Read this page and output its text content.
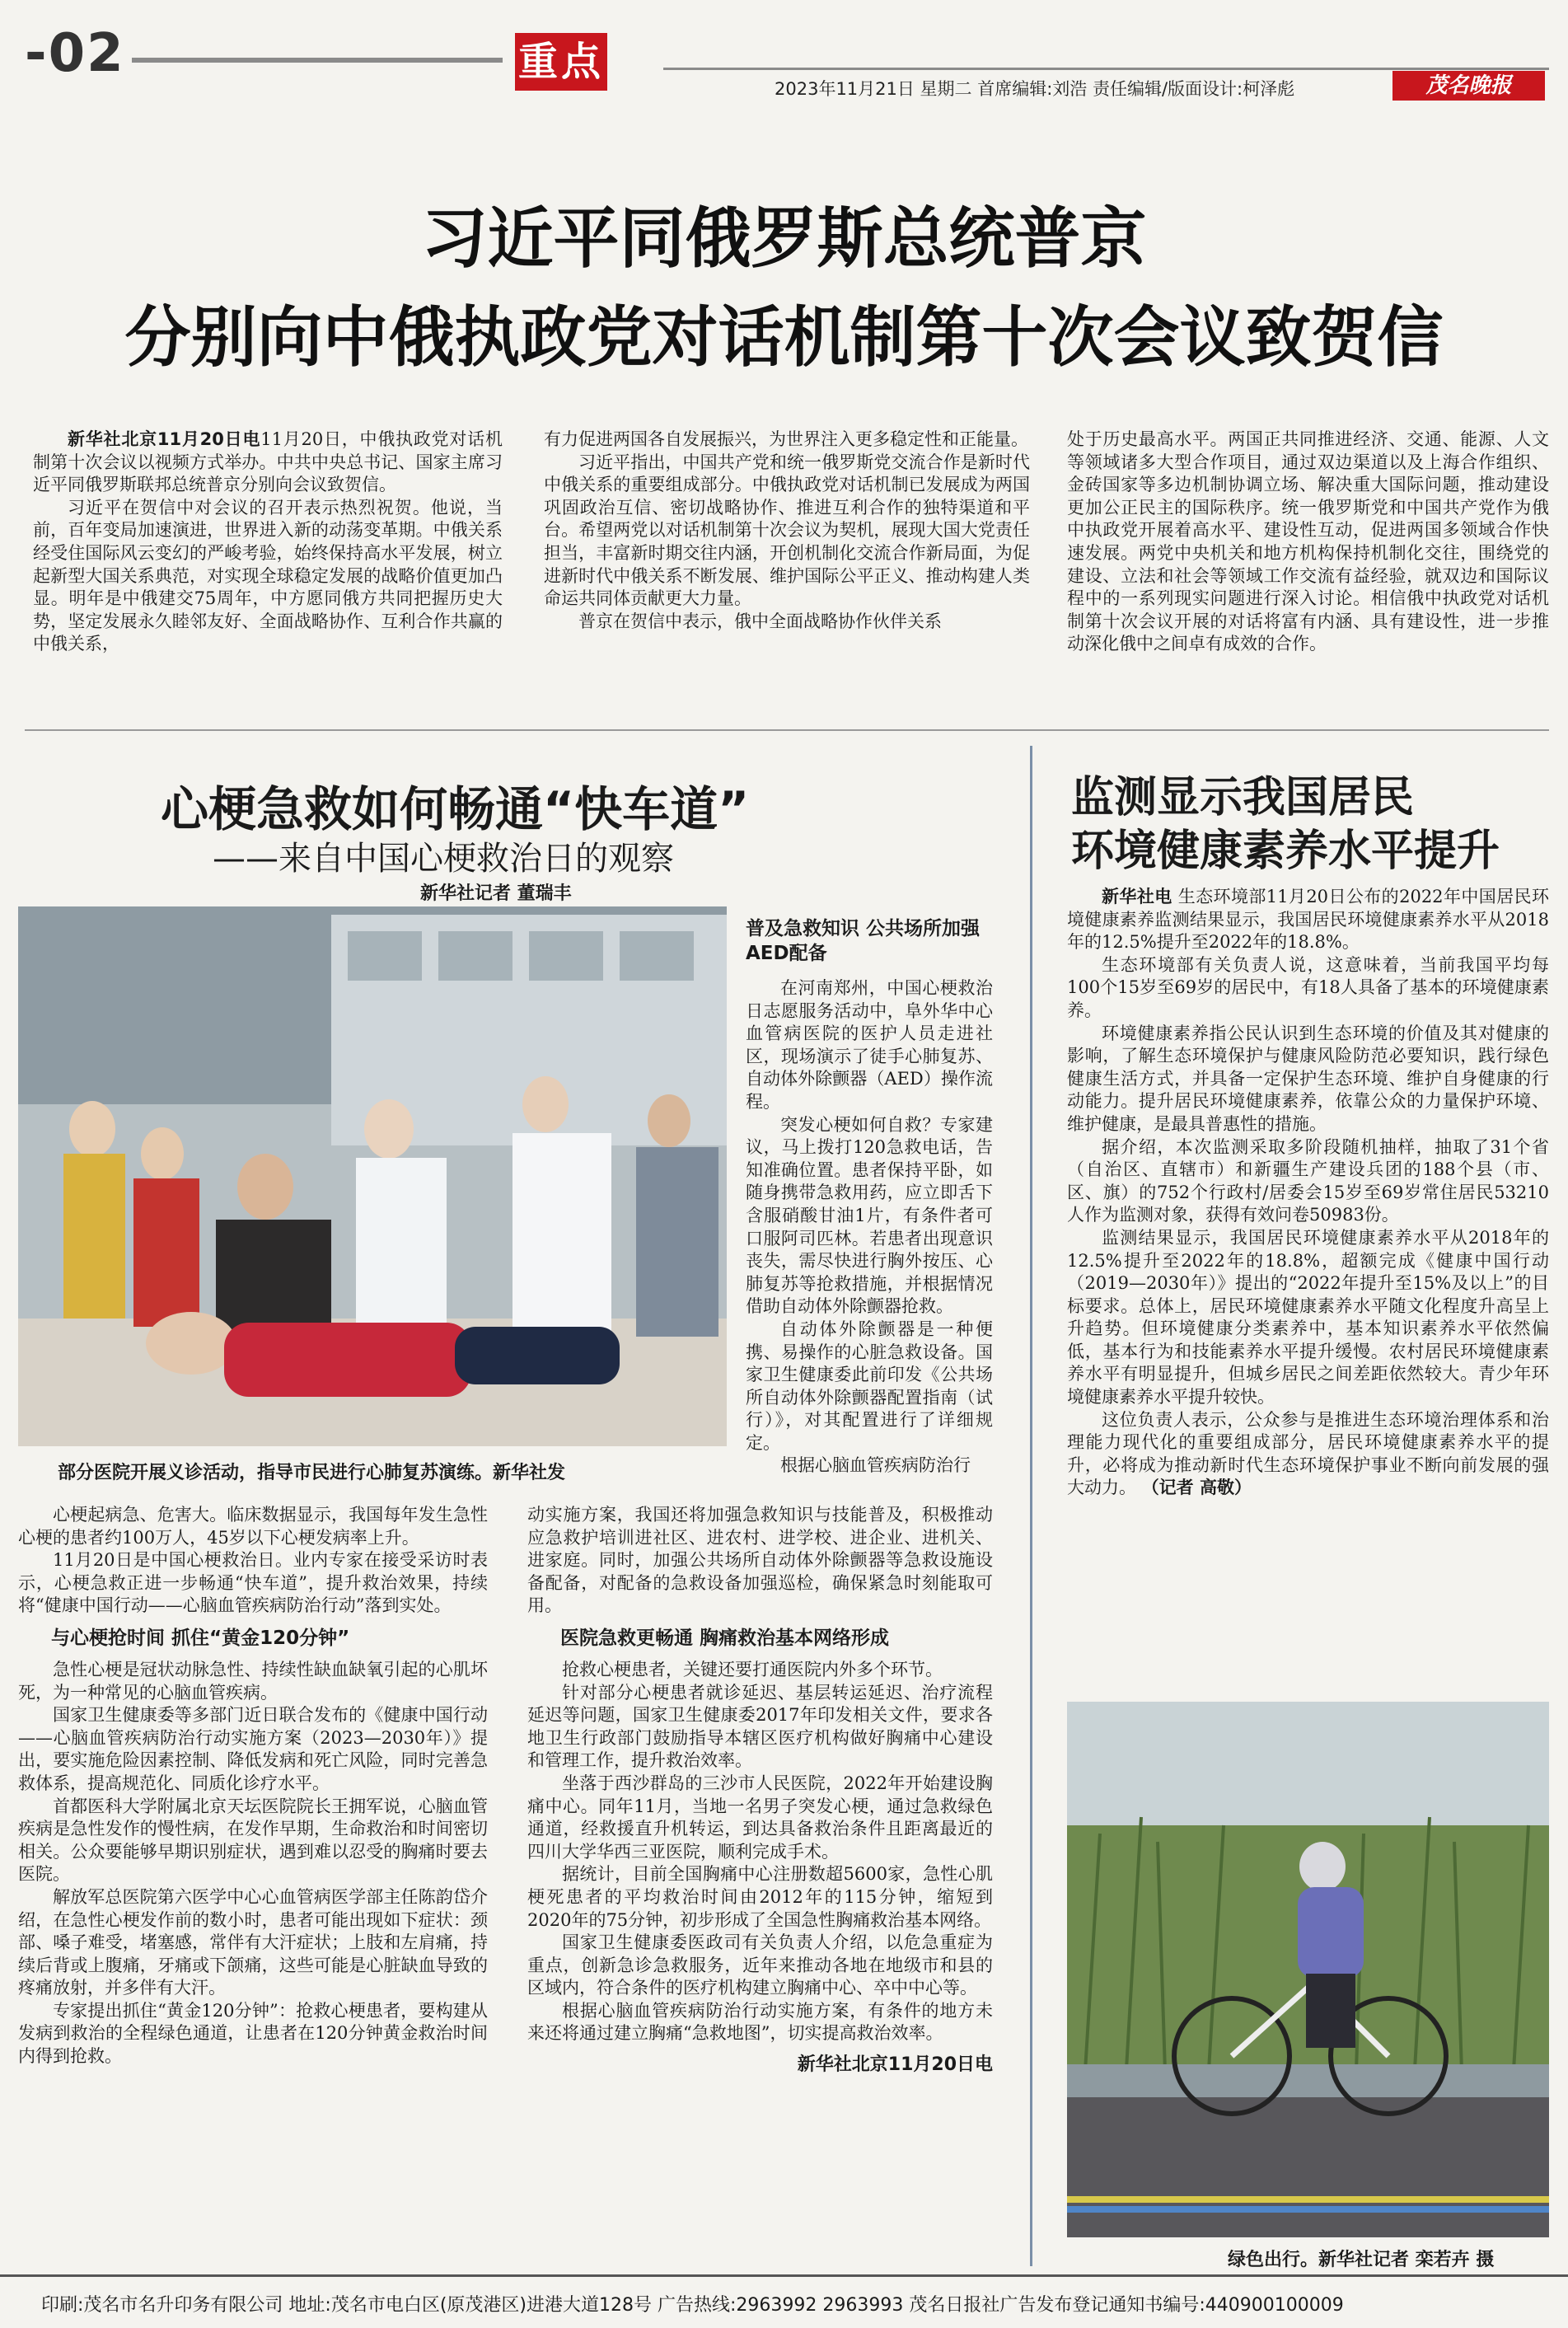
-02	重点
2023年11月21日 星期二 首席编辑:刘浩 责任编辑/版面设计:柯泽彪	茂名晚报
习近平同俄罗斯总统普京
分别向中俄执政党对话机制第十次会议致贺信

新华社北京11月20日电11月20日，中俄执政党对话机制第十次会议以视频方式举办。中共中央总书记、国家主席习近平同俄罗斯联邦总统普京分别向会议致贺信。

习近平在贺信中对会议的召开表示热烈祝贺。他说，当前，百年变局加速演进，世界进入新的动荡变革期。中俄关系经受住国际风云变幻的严峻考验，始终保持高水平发展，树立起新型大国关系典范，对实现全球稳定发展的战略价值更加凸显。明年是中俄建交75周年，中方愿同俄方共同把握历史大势，坚定发展永久睦邻友好、全面战略协作、互利合作共赢的中俄关系，

有力促进两国各自发展振兴，为世界注入更多稳定性和正能量。

习近平指出，中国共产党和统一俄罗斯党交流合作是新时代中俄关系的重要组成部分。中俄执政党对话机制已发展成为两国巩固政治互信、密切战略协作、推进互利合作的独特渠道和平台。希望两党以对话机制第十次会议为契机，展现大国大党责任担当，丰富新时期交往内涵，开创机制化交流合作新局面，为促进新时代中俄关系不断发展、维护国际公平正义、推动构建人类命运共同体贡献更大力量。

普京在贺信中表示，俄中全面战略协作伙伴关系

处于历史最高水平。两国正共同推进经济、交通、能源、人文等领域诸多大型合作项目，通过双边渠道以及上海合作组织、金砖国家等多边机制协调立场、解决重大国际问题，推动建设更加公正民主的国际秩序。统一俄罗斯党和中国共产党作为俄中执政党开展着高水平、建设性互动，促进两国多领域合作快速发展。两党中央机关和地方机构保持机制化交往，围绕党的建设、立法和社会等领域工作交流有益经验，就双边和国际议程中的一系列现实问题进行深入讨论。相信俄中执政党对话机制第十次会议开展的对话将富有内涵、具有建设性，进一步推动深化俄中之间卓有成效的合作。

心梗急救如何畅通“快车道”
——来自中国心梗救治日的观察
新华社记者 董瑞丰
部分医院开展义诊活动，指导市民进行心肺复苏演练。新华社发
普及急救知识 公共场所加强AED配备

在河南郑州，中国心梗救治日志愿服务活动中，阜外华中心血管病医院的医护人员走进社区，现场演示了徒手心肺复苏、自动体外除颤器（AED）操作流程。

突发心梗如何自救？专家建议，马上拨打120急救电话，告知准确位置。患者保持平卧，如随身携带急救用药，应立即舌下含服硝酸甘油1片，有条件者可口服阿司匹林。若患者出现意识丧失，需尽快进行胸外按压、心肺复苏等抢救措施，并根据情况借助自动体外除颤器抢救。

自动体外除颤器是一种便携、易操作的心脏急救设备。国家卫生健康委此前印发《公共场所自动体外除颤器配置指南（试行）》，对其配置进行了详细规定。

根据心脑血管疾病防治行

心梗起病急、危害大。临床数据显示，我国每年发生急性心梗的患者约100万人，45岁以下心梗发病率上升。

11月20日是中国心梗救治日。业内专家在接受采访时表示，心梗急救正进一步畅通“快车道”，提升救治效果，持续将“健康中国行动——心脑血管疾病防治行动”落到实处。

与心梗抢时间 抓住“黄金120分钟”

急性心梗是冠状动脉急性、持续性缺血缺氧引起的心肌坏死，为一种常见的心脑血管疾病。

国家卫生健康委等多部门近日联合发布的《健康中国行动——心脑血管疾病防治行动实施方案（2023—2030年）》提出，要实施危险因素控制、降低发病和死亡风险，同时完善急救体系，提高规范化、同质化诊疗水平。

首都医科大学附属北京天坛医院院长王拥军说，心脑血管疾病是急性发作的慢性病，在发作早期，生命救治和时间密切相关。公众要能够早期识别症状，遇到难以忍受的胸痛时要去医院。

解放军总医院第六医学中心心血管病医学部主任陈韵岱介绍，在急性心梗发作前的数小时，患者可能出现如下症状：颈部、嗓子难受，堵塞感，常伴有大汗症状；上肢和左肩痛，持续后背或上腹痛，牙痛或下颌痛，这些可能是心脏缺血导致的疼痛放射，并多伴有大汗。

专家提出抓住“黄金120分钟”：抢救心梗患者，要构建从发病到救治的全程绿色通道，让患者在120分钟黄金救治时间内得到抢救。

动实施方案，我国还将加强急救知识与技能普及，积极推动应急救护培训进社区、进农村、进学校、进企业、进机关、进家庭。同时，加强公共场所自动体外除颤器等急救设施设备配备，对配备的急救设备加强巡检，确保紧急时刻能取可用。

医院急救更畅通 胸痛救治基本网络形成

抢救心梗患者，关键还要打通医院内外多个环节。

针对部分心梗患者就诊延迟、基层转运延迟、治疗流程延迟等问题，国家卫生健康委2017年印发相关文件，要求各地卫生行政部门鼓励指导本辖区医疗机构做好胸痛中心建设和管理工作，提升救治效率。

坐落于西沙群岛的三沙市人民医院，2022年开始建设胸痛中心。同年11月，当地一名男子突发心梗，通过急救绿色通道，经救援直升机转运，到达具备救治条件且距离最近的四川大学华西三亚医院，顺利完成手术。

据统计，目前全国胸痛中心注册数超5600家，急性心肌梗死患者的平均救治时间由2012年的115分钟，缩短到2020年的75分钟，初步形成了全国急性胸痛救治基本网络。

国家卫生健康委医政司有关负责人介绍，以危急重症为重点，创新急诊急救服务，近年来推动各地在地级市和县的区域内，符合条件的医疗机构建立胸痛中心、卒中中心等。

根据心脑血管疾病防治行动实施方案，有条件的地方未来还将通过建立胸痛“急救地图”，切实提高救治效率。

新华社北京11月20日电
监测显示我国居民
环境健康素养水平提升

新华社电 生态环境部11月20日公布的2022年中国居民环境健康素养监测结果显示，我国居民环境健康素养水平从2018年的12.5%提升至2022年的18.8%。

生态环境部有关负责人说，这意味着，当前我国平均每100个15岁至69岁的居民中，有18人具备了基本的环境健康素养。

环境健康素养指公民认识到生态环境的价值及其对健康的影响，了解生态环境保护与健康风险防范必要知识，践行绿色健康生活方式，并具备一定保护生态环境、维护自身健康的行动能力。提升居民环境健康素养，依靠公众的力量保护环境、维护健康，是最具普惠性的措施。

据介绍，本次监测采取多阶段随机抽样，抽取了31个省（自治区、直辖市）和新疆生产建设兵团的188个县（市、区、旗）的752个行政村/居委会15岁至69岁常住居民53210人作为监测对象，获得有效问卷50983份。

监测结果显示，我国居民环境健康素养水平从2018年的12.5%提升至2022年的18.8%，超额完成《健康中国行动（2019—2030年）》提出的“2022年提升至15%及以上”的目标要求。总体上，居民环境健康素养水平随文化程度升高呈上升趋势。但环境健康分类素养中，基本知识素养水平依然偏低，基本行为和技能素养水平提升缓慢。农村居民环境健康素养水平有明显提升，但城乡居民之间差距依然较大。青少年环境健康素养水平提升较快。

这位负责人表示，公众参与是推进生态环境治理体系和治理能力现代化的重要组成部分，居民环境健康素养水平的提升，必将成为推动新时代生态环境保护事业不断向前发展的强大动力。 （记者 高敬）

绿色出行。新华社记者 栾若卉 摄
印刷:茂名市名升印务有限公司 地址:茂名市电白区(原茂港区)进港大道128号 广告热线:2963992 2963993 茂名日报社广告发布登记通知书编号:440900100009
